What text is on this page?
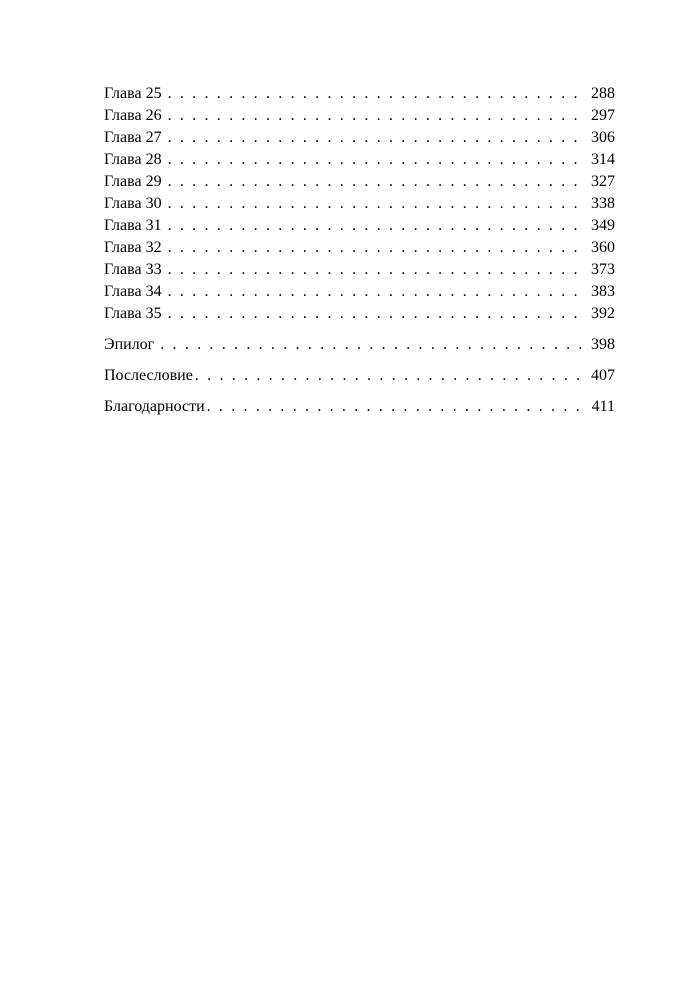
Глава 25 . . .	288
Глава 26 . . .	297
Глава 27 . . .	306
Глава 28 . . .	314
Глава 29 . . .	327
Глава 30 . . .	338
Глава 31 . . .	349
Глава 32 . . .	360
Глава 33 . . .	373
Глава 34 . . .	383
Глава 35 . . .	392
Эпилог . . .	398
Послесловие . . .	407
Благодарности . . .	411
